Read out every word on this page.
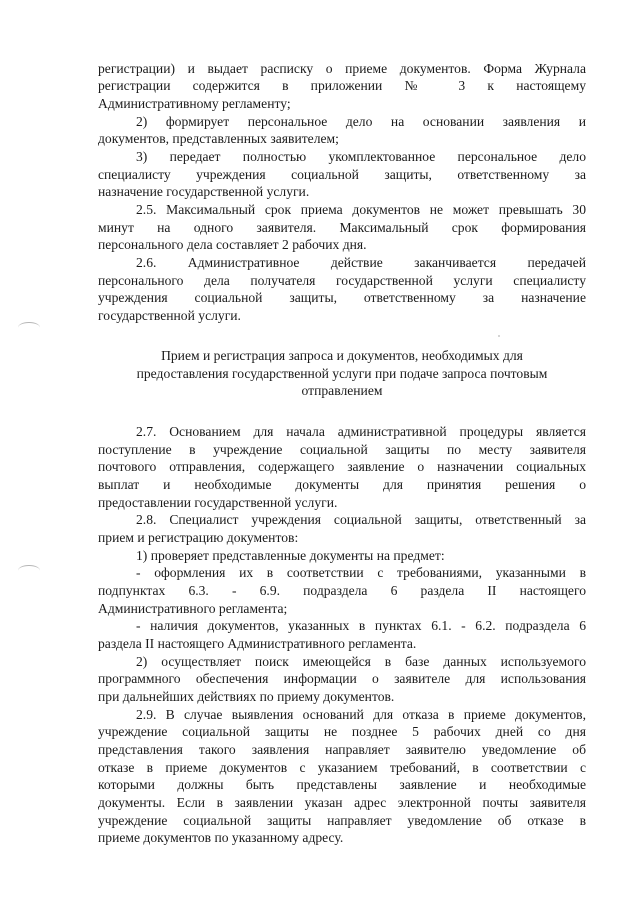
регистрации) и выдает расписку о приеме документов. Форма Журнала
регистрации содержится в приложении № 3 к настоящему
Административному регламенту;
2) формирует персональное дело на основании заявления и
документов, представленных заявителем;
3) передает полностью укомплектованное персональное дело
специалисту учреждения социальной защиты, ответственному за
назначение государственной услуги.
2.5. Максимальный срок приема документов не может превышать 30
минут на одного заявителя. Максимальный срок формирования
персонального дела составляет 2 рабочих дня.
2.6. Административное действие заканчивается передачей
персонального дела получателя государственной услуги специалисту
учреждения социальной защиты, ответственному за назначение
государственной услуги.
Прием и регистрация запроса и документов, необходимых для
предоставления государственной услуги при подаче запроса почтовым
отправлением
2.7. Основанием для начала административной процедуры является
поступление в учреждение социальной защиты по месту заявителя
почтового отправления, содержащего заявление о назначении социальных
выплат и необходимые документы для принятия решения о
предоставлении государственной услуги.
2.8. Специалист учреждения социальной защиты, ответственный за
прием и регистрацию документов:
1) проверяет представленные документы на предмет:
- оформления их в соответствии с требованиями, указанными в
подпунктах 6.3. - 6.9. подраздела 6 раздела II настоящего
Административного регламента;
- наличия документов, указанных в пунктах 6.1. - 6.2. подраздела 6
раздела II настоящего Административного регламента.
2) осуществляет поиск имеющейся в базе данных используемого
программного обеспечения информации о заявителе для использования
при дальнейших действиях по приему документов.
2.9. В случае выявления оснований для отказа в приеме документов,
учреждение социальной защиты не позднее 5 рабочих дней со дня
представления такого заявления направляет заявителю уведомление об
отказе в приеме документов с указанием требований, в соответствии с
которыми должны быть представлены заявление и необходимые
документы. Если в заявлении указан адрес электронной почты заявителя
учреждение социальной защиты направляет уведомление об отказе в
приеме документов по указанному адресу.
